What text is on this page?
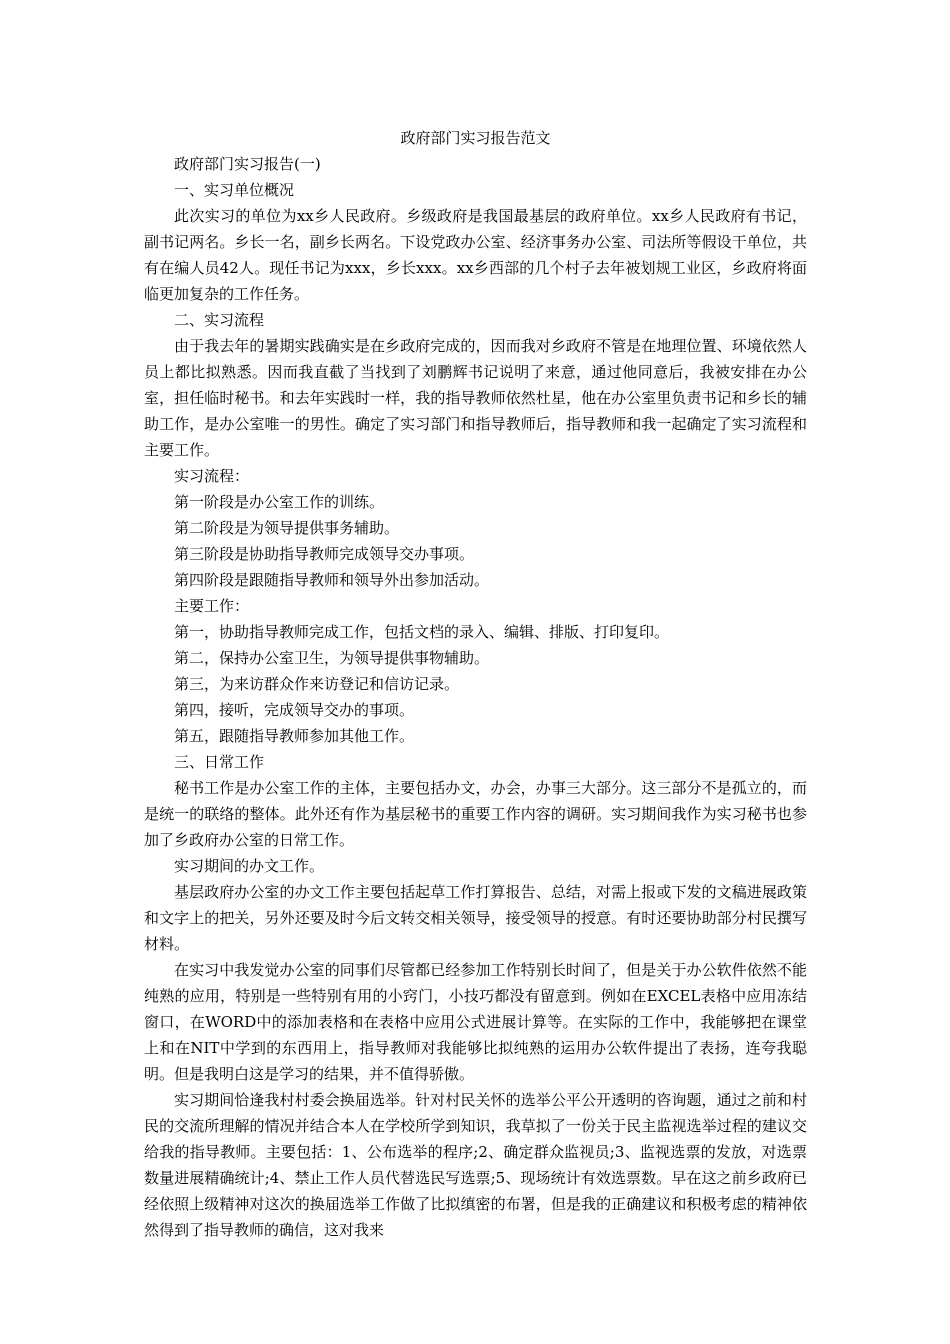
政府部门实习报告范文

政府部门实习报告(一)

一、实习单位概况

此次实习的单位为xx乡人民政府。乡级政府是我国最基层的政府单位。xx乡人民政府有书记，副书记两名。乡长一名，副乡长两名。下设党政办公室、经济事务办公室、司法所等假设干单位，共有在编人员42人。现任书记为xxx，乡长xxx。xx乡西部的几个村子去年被划规工业区，乡政府将面临更加复杂的工作任务。

二、实习流程

由于我去年的暑期实践确实是在乡政府完成的，因而我对乡政府不管是在地理位置、环境依然人员上都比拟熟悉。因而我直截了当找到了刘鹏辉书记说明了来意，通过他同意后，我被安排在办公室，担任临时秘书。和去年实践时一样，我的指导教师依然杜星，他在办公室里负责书记和乡长的辅助工作，是办公室唯一的男性。确定了实习部门和指导教师后，指导教师和我一起确定了实习流程和主要工作。

实习流程：

第一阶段是办公室工作的训练。

第二阶段是为领导提供事务辅助。

第三阶段是协助指导教师完成领导交办事项。

第四阶段是跟随指导教师和领导外出参加活动。

主要工作：

第一，协助指导教师完成工作，包括文档的录入、编辑、排版、打印复印。

第二，保持办公室卫生，为领导提供事物辅助。

第三，为来访群众作来访登记和信访记录。

第四，接听，完成领导交办的事项。

第五，跟随指导教师参加其他工作。

三、日常工作

秘书工作是办公室工作的主体，主要包括办文，办会，办事三大部分。这三部分不是孤立的，而是统一的联络的整体。此外还有作为基层秘书的重要工作内容的调研。实习期间我作为实习秘书也参加了乡政府办公室的日常工作。

实习期间的办文工作。

基层政府办公室的办文工作主要包括起草工作打算报告、总结，对需上报或下发的文稿进展政策和文字上的把关，另外还要及时今后文转交相关领导，接受领导的授意。有时还要协助部分村民撰写材料。

在实习中我发觉办公室的同事们尽管都已经参加工作特别长时间了，但是关于办公软件依然不能纯熟的应用，特别是一些特别有用的小窍门，小技巧都没有留意到。例如在EXCEL表格中应用冻结窗口，在WORD中的添加表格和在表格中应用公式进展计算等。在实际的工作中，我能够把在课堂上和在NIT中学到的东西用上，指导教师对我能够比拟纯熟的运用办公软件提出了表扬，连夸我聪明。但是我明白这是学习的结果，并不值得骄傲。

实习期间恰逢我村村委会换届选举。针对村民关怀的选举公平公开透明的咨询题，通过之前和村民的交流所理解的情况并结合本人在学校所学到知识，我草拟了一份关于民主监视选举过程的建议交给我的指导教师。主要包括：1、公布选举的程序;2、确定群众监视员;3、监视选票的发放，对选票数量进展精确统计;4、禁止工作人员代替选民写选票;5、现场统计有效选票数。早在这之前乡政府已经依照上级精神对这次的换届选举工作做了比拟缜密的布署，但是我的正确建议和积极考虑的精神依然得到了指导教师的确信，这对我来
